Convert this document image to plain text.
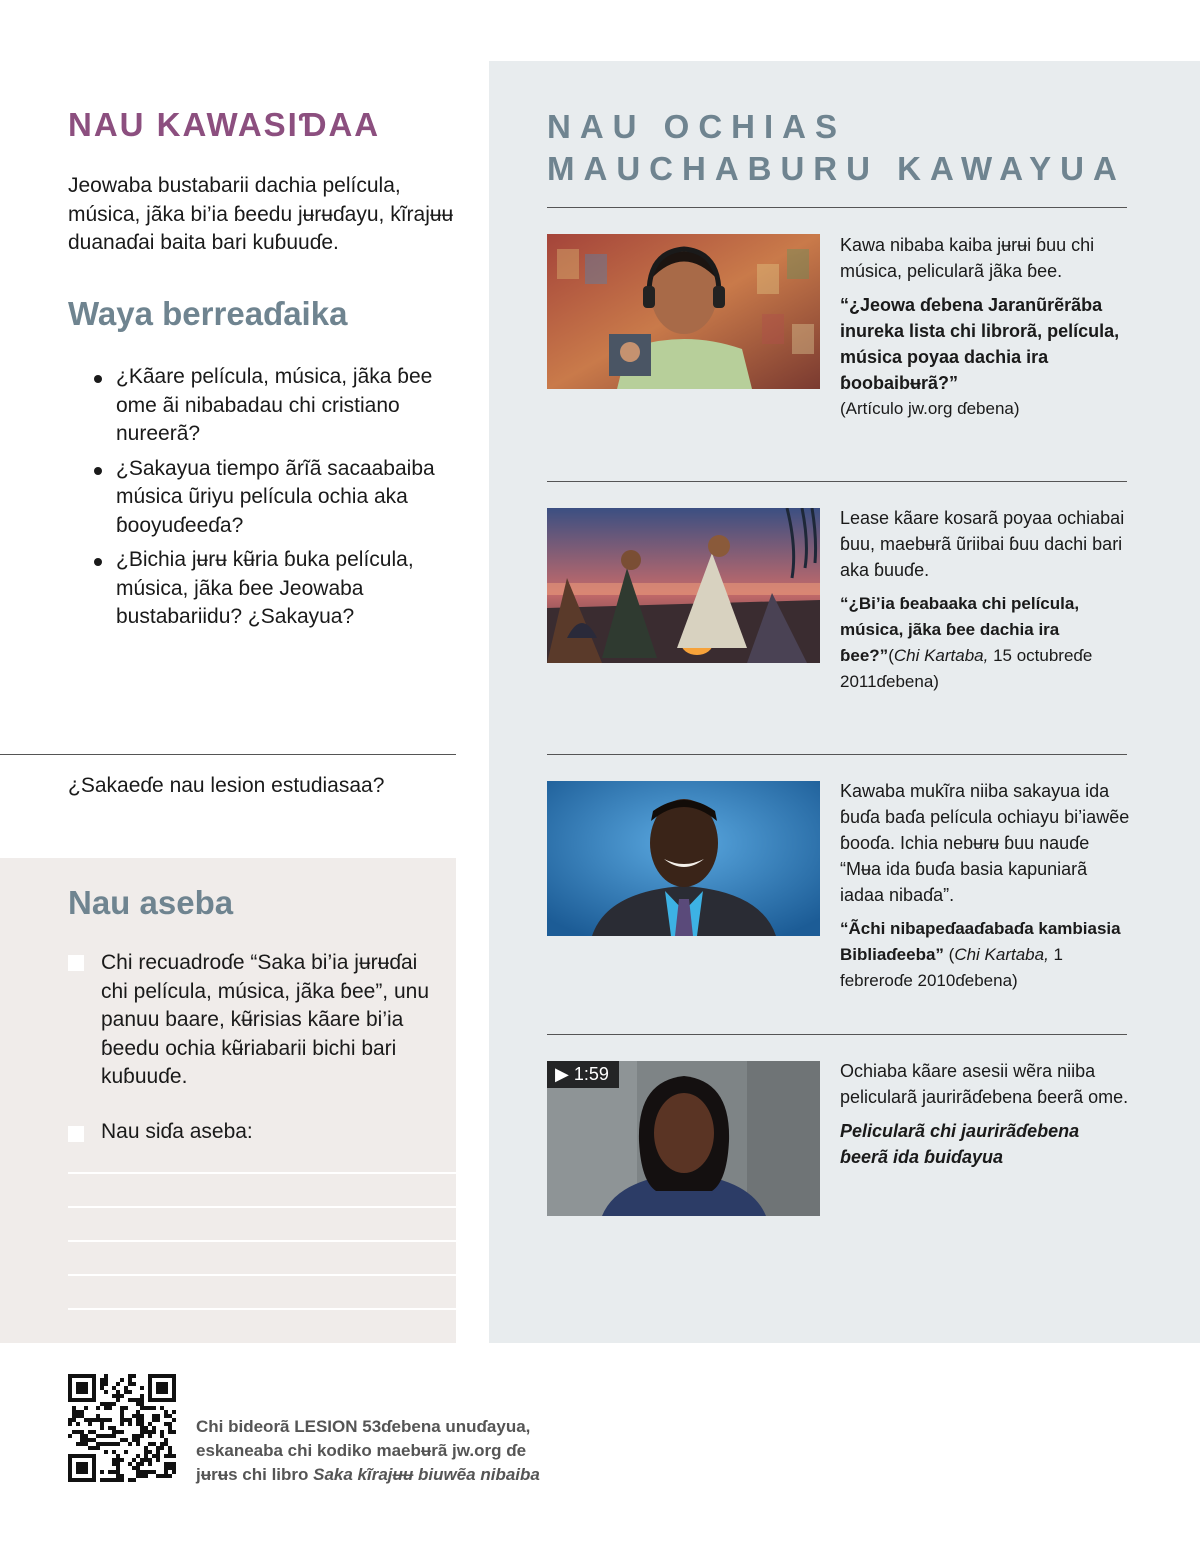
NAU KAWASIƊAA
Jeowaba bustabarii dachia película, música, jãka bi’ia ɓeedu jʉrʉɗayu, kĩrajʉʉ duanaɗai baita bari kuɓuuɗe.
Waya berreaɗaika
¿Kãare película, música, jãka ɓee ome ãi nibabadau chi cristiano nureerã?
¿Sakayua tiempo ãrĩã sacaabaiba música ũriyu película ochia aka ɓooyuɗeeɗa?
¿Bichia jʉrʉ kʉ̃ria ɓuka película, música, jãka ɓee Jeowaba bustabariidu? ¿Sakayua?
¿Sakaeɗe nau lesion estudiasaa?
Nau aseba
Chi recuadroɗe “Saka bi’ia jʉrʉɗai chi película, música, jãka ɓee”, unu panuu baare, kʉ̃risias kãare bi’ia ɓeedu ochia kʉ̃riabarii bichi bari kuɓuuɗe.
Nau siɗa aseba:
NAU OCHIAS
MAUCHABURU KAWAYUA

Kawa nibaba kaiba jʉrʉi ɓuu chi música, pelicularã jãka ɓee.

“¿Jeowa ɗebena Jaranũrẽrãba inureka lista chi librorã, película, música poyaa dachia ira ɓoobaibʉrã?”
(Artículo jw.org ɗebena)

Lease kãare kosarã poyaa ochiabai ɓuu, maebʉrã ũriibai ɓuu dachi bari aka ɓuuɗe.

“¿Bi’ia ɓeabaaka chi película, música, jãka ɓee dachia ira ɓee?”(Chi Kartaba, 15 octubreɗe 2011ɗebena)

Kawaba mukĩra niiba sakayua ida ɓuɗa baɗa película ochiayu bi’iawẽe ɓooɗa. Ichia nebʉrʉ ɓuu nauɗe “Mʉa ida ɓuɗa basia kapuniarã iadaa nibaɗa”.

“Ãchi nibapeɗaaɗabaɗa kambiasia Bibliaɗeeba” (Chi Kartaba, 1 febreroɗe 2010ɗebena)
▶ 1:59	Ochiaba kãare asesii wẽra niiba pelicularã jaurirãɗebena ɓeerã ome.

Pelicularã chi jaurirãɗebena ɓeerã ida ɓuiɗayua
Chi bideorã LESION 53ɗebena unuɗayua,
eskaneaba chi kodiko maebʉrã jw.org ɗe
jʉrʉs chi libro Saka kĩrajʉʉ biuwẽa nibaiba
